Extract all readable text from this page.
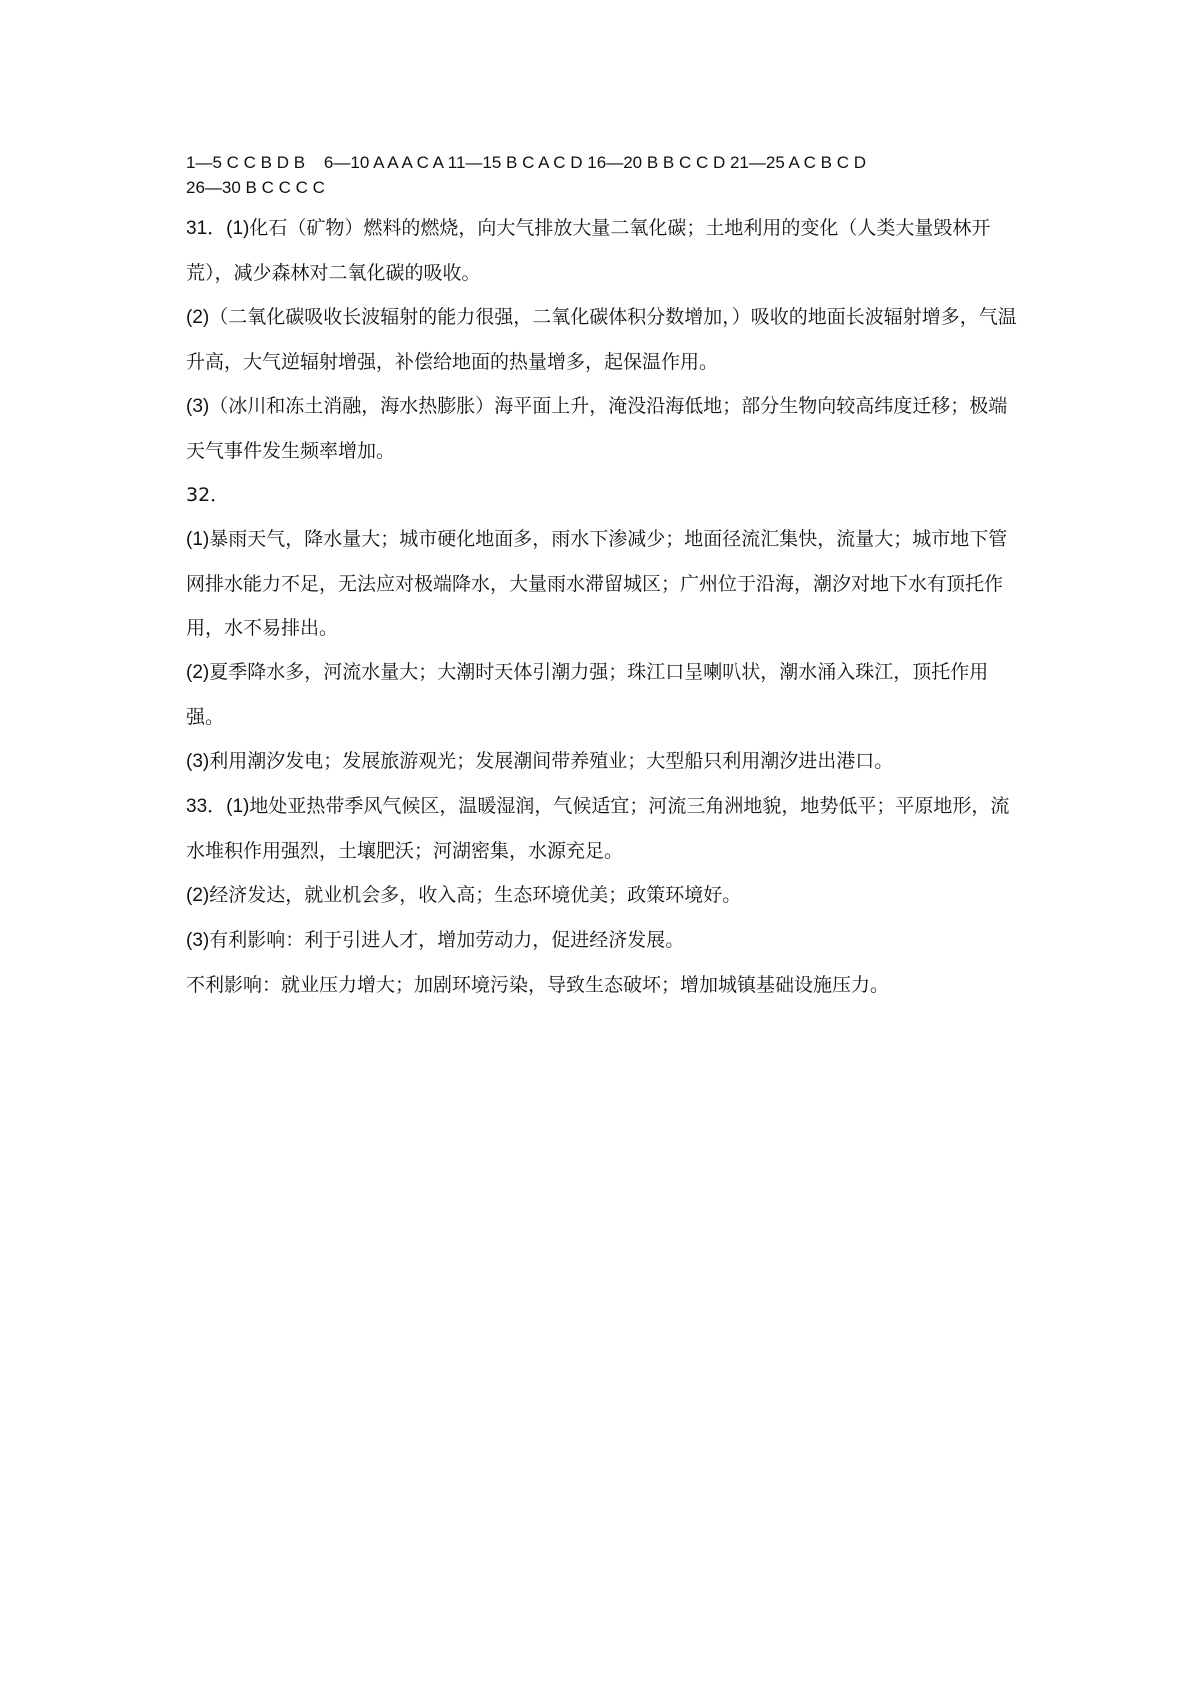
1—5 C C B D B    6—10 A A A C A 11—15 B C A C D 16—20 B B C C D 21—25 A C B C D

26—30 B C C C C

31．(1)化石（矿物）燃料的燃烧，向大气排放大量二氧化碳；土地利用的变化（人类大量毁林开荒），减少森林对二氧化碳的吸收。

(2)（二氧化碳吸收长波辐射的能力很强，二氧化碳体积分数增加，）吸收的地面长波辐射增多，气温升高，大气逆辐射增强，补偿给地面的热量增多，起保温作用。

(3)（冰川和冻土消融，海水热膨胀）海平面上升，淹没沿海低地；部分生物向较高纬度迁移；极端天气事件发生频率增加。

32．

(1)暴雨天气，降水量大；城市硬化地面多，雨水下渗减少；地面径流汇集快，流量大；城市地下管网排水能力不足，无法应对极端降水，大量雨水滞留城区；广州位于沿海，潮汐对地下水有顶托作用，水不易排出。

(2)夏季降水多，河流水量大；大潮时天体引潮力强；珠江口呈喇叭状，潮水涌入珠江，顶托作用强。

(3)利用潮汐发电；发展旅游观光；发展潮间带养殖业；大型船只利用潮汐进出港口。

33．(1)地处亚热带季风气候区，温暖湿润，气候适宜；河流三角洲地貌，地势低平；平原地形，流水堆积作用强烈，土壤肥沃；河湖密集，水源充足。

(2)经济发达，就业机会多，收入高；生态环境优美；政策环境好。

(3)有利影响：利于引进人才，增加劳动力，促进经济发展。

不利影响：就业压力增大；加剧环境污染，导致生态破坏；增加城镇基础设施压力。
